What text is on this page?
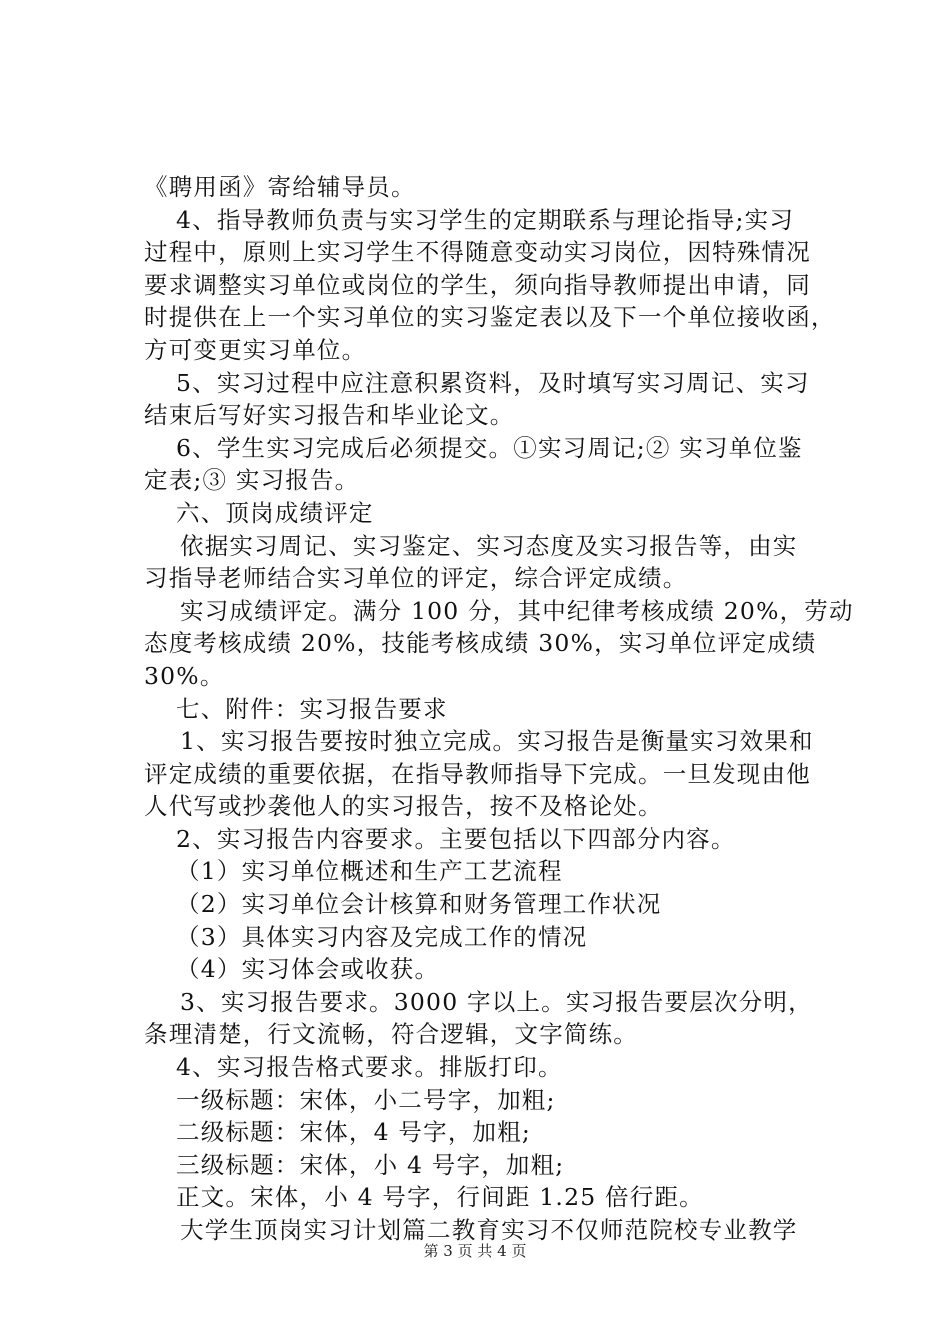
《聘用函》寄给辅导员。
4、指导教师负责与实习学生的定期联系与理论指导;实习
过程中，原则上实习学生不得随意变动实习岗位，因特殊情况
要求调整实习单位或岗位的学生，须向指导教师提出申请，同
时提供在上一个实习单位的实习鉴定表以及下一个单位接收函，
方可变更实习单位。
5、实习过程中应注意积累资料，及时填写实习周记、实习
结束后写好实习报告和毕业论文。
6、学生实习完成后必须提交。①实习周记;② 实习单位鉴
定表;③ 实习报告。
六、顶岗成绩评定
依据实习周记、实习鉴定、实习态度及实习报告等，由实
习指导老师结合实习单位的评定，综合评定成绩。
实习成绩评定。满分 100 分，其中纪律考核成绩 20%，劳动
态度考核成绩 20%，技能考核成绩 30%，实习单位评定成绩
30%。
七、附件：实习报告要求
1、实习报告要按时独立完成。实习报告是衡量实习效果和
评定成绩的重要依据，在指导教师指导下完成。一旦发现由他
人代写或抄袭他人的实习报告，按不及格论处。
2、实习报告内容要求。主要包括以下四部分内容。
（1）实习单位概述和生产工艺流程
（2）实习单位会计核算和财务管理工作状况
（3）具体实习内容及完成工作的情况
（4）实习体会或收获。
3、实习报告要求。3000 字以上。实习报告要层次分明，
条理清楚，行文流畅，符合逻辑，文字简练。
4、实习报告格式要求。排版打印。
一级标题：宋体，小二号字，加粗;
二级标题：宋体，4 号字，加粗;
三级标题：宋体，小 4 号字，加粗;
正文。宋体，小 4 号字，行间距 1.25 倍行距。
大学生顶岗实习计划篇二教育实习不仅师范院校专业教学
第 3 页 共 4 页
